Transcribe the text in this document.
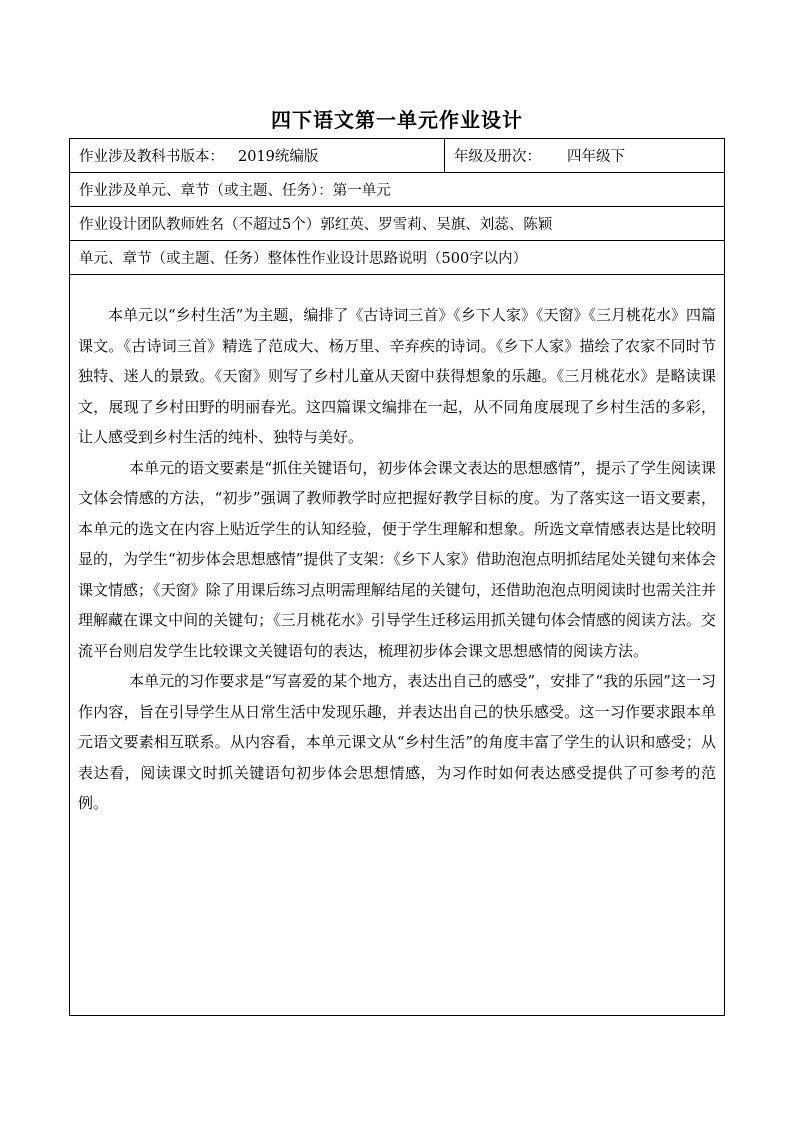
四下语文第一单元作业设计
作业涉及教科书版本： 2019统编版	年级及册次： 四年级下
作业涉及单元、章节（或主题、任务）：第一单元
作业设计团队教师姓名（不超过5个）郭红英、罗雪莉、吴旗、刘蕊、陈颖
单元、章节（或主题、任务）整体性作业设计思路说明（500字以内）

本单元以“乡村生活”为主题，编排了《古诗词三首》《乡下人家》《天窗》《三月桃花水》四篇课文。《古诗词三首》精选了范成大、杨万里、辛弃疾的诗词。《乡下人家》描绘了农家不同时节独特、迷人的景致。《天窗》则写了乡村儿童从天窗中获得想象的乐趣。《三月桃花水》是略读课文，展现了乡村田野的明丽春光。这四篇课文编排在一起，从不同角度展现了乡村生活的多彩，让人感受到乡村生活的纯朴、独特与美好。

本单元的语文要素是“抓住关键语句，初步体会课文表达的思想感情”，提示了学生阅读课文体会情感的方法，“初步”强调了教师教学时应把握好教学目标的度。为了落实这一语文要素，本单元的选文在内容上贴近学生的认知经验，便于学生理解和想象。所选文章情感表达是比较明显的，为学生“初步体会思想感情”提供了支架：《乡下人家》借助泡泡点明抓结尾处关键句来体会课文情感；《天窗》除了用课后练习点明需理解结尾的关键句，还借助泡泡点明阅读时也需关注并理解藏在课文中间的关键句；《三月桃花水》引导学生迁移运用抓关键句体会情感的阅读方法。交流平台则启发学生比较课文关键语句的表达，梳理初步体会课文思想感情的阅读方法。

本单元的习作要求是“写喜爱的某个地方，表达出自己的感受”，安排了“我的乐园”这一习作内容，旨在引导学生从日常生活中发现乐趣，并表达出自己的快乐感受。这一习作要求跟本单元语文要素相互联系。从内容看，本单元课文从“乡村生活”的角度丰富了学生的认识和感受；从表达看，阅读课文时抓关键语句初步体会思想情感，为习作时如何表达感受提供了可参考的范例。
